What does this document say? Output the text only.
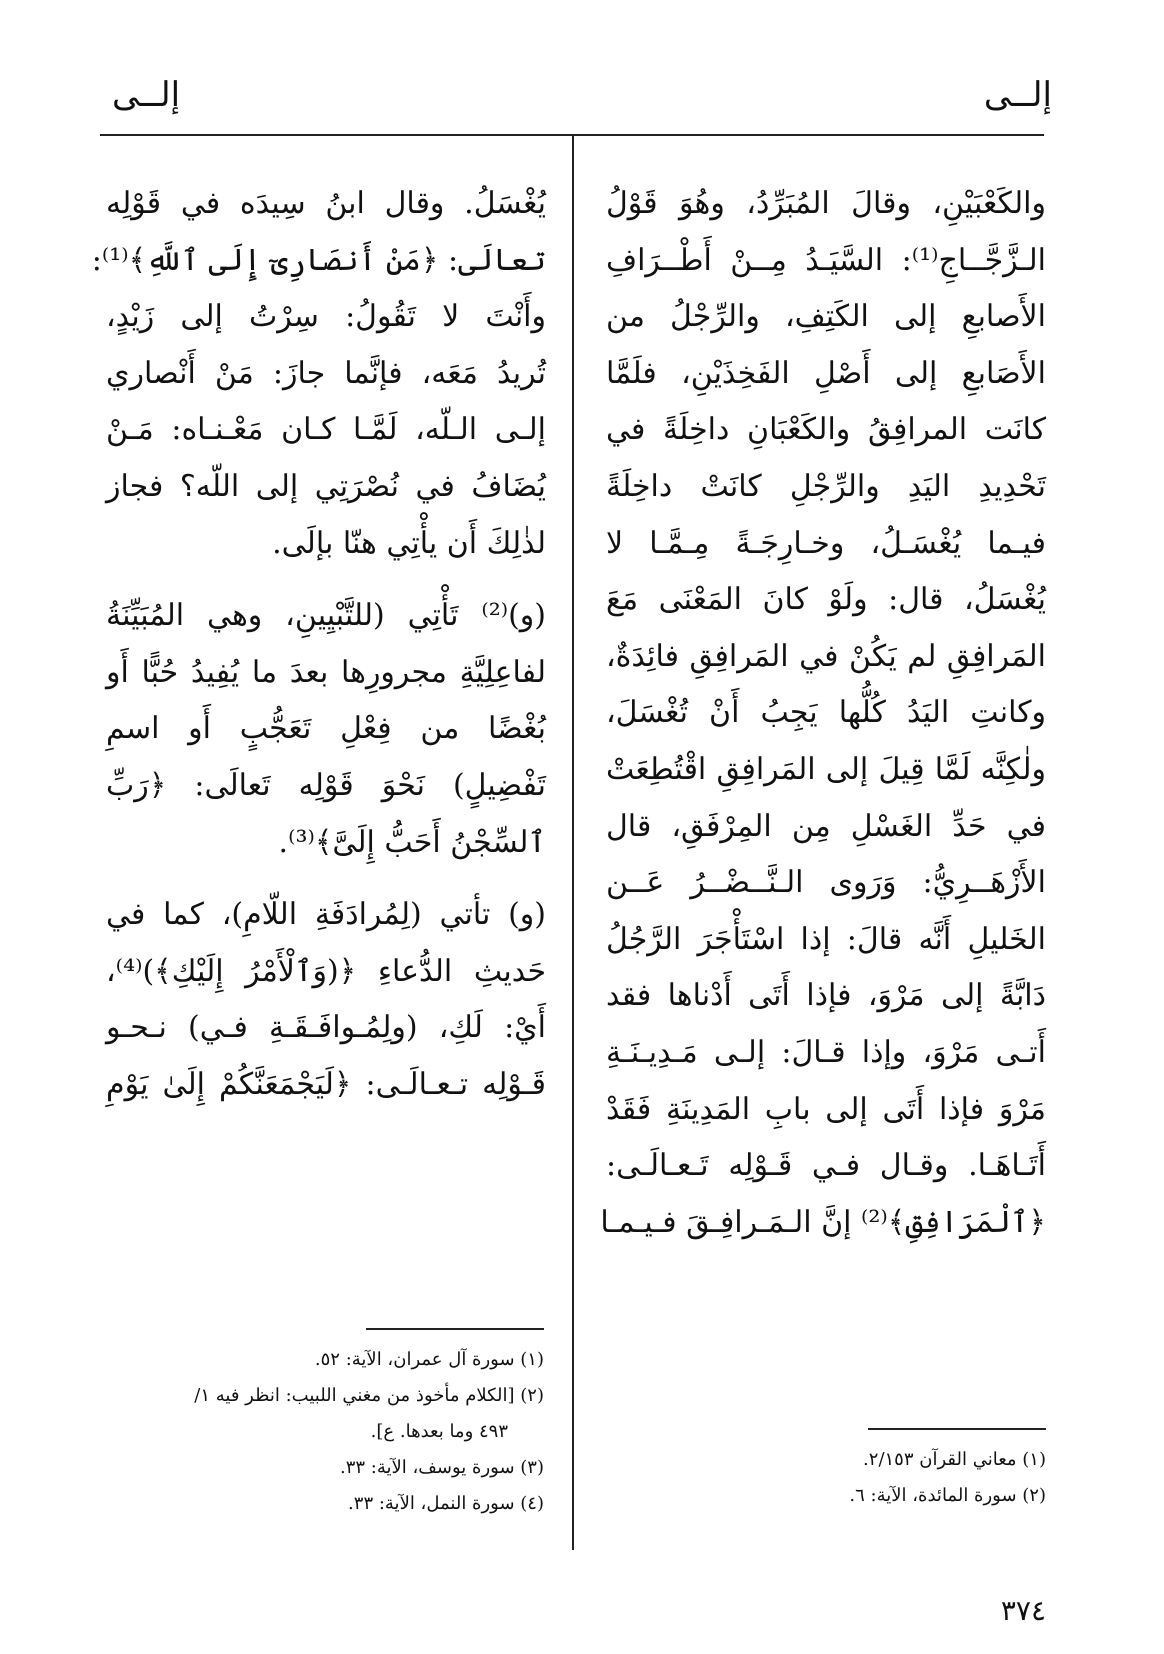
إلــى
إلــى
والكَعْبَيْنِ، وقالَ المُبَرِّدُ، وهُوَ قَوْلُ
الـزَّجَّــاجِ⁽¹⁾: السَّيَـدُ مِــنْ أَطْــرَافِ
الأَصابعِ إلى الكَتِفِ، والرِّجْلُ من
الأَصَابعِ إلى أَصْلِ الفَخِذَيْنِ، فلَمَّا
كانَت المرافِقُ والكَعْبَانِ داخِلَةً في
تَحْدِيدِ اليَدِ والرِّجْلِ كانَتْ داخِلَةً
فيـما يُغْسَـلُ، وخـارِجَـةً مِـمَّـا لا
يُغْسَلُ، قال: ولَوْ كانَ المَعْنَى مَعَ
المَرافِقِ لم يَكُنْ في المَرافِقِ فائِدَةٌ،
وكانتِ اليَدُ كُلُّها يَجِبُ أَنْ تُغْسَلَ،
ولٰكِنَّه لَمَّا قِيلَ إلى المَرافِقِ اقْتُطِعَتْ
في حَدِّ الغَسْلِ مِن المِرْفَقِ، قال
الأَزْهَــرِيُّ: وَرَوى الـنَّــضْــرُ عَــن
الخَليلِ أَنَّه قالَ: إذا اسْتَأْجَرَ الرَّجُلُ
دَابَّةً إلى مَرْوَ، فإذا أَتَى أَدْناها فقد
أَتـى مَرْوَ، وإذا قـالَ: إلـى مَـدِيـنَـةِ
مَرْوَ فإذا أَتَى إلى بابِ المَدِينَةِ فَقَدْ
أَتَـاهَـا. وقـال فـي قَـوْلِه تَـعـالَـى:
﴿ٱلْمَرَافِقِ﴾⁽²⁾ إنَّ الـمَـرافِـقَ فـيـمـا
يُغْسَلُ. وقال ابنُ سِيدَه في قَوْلِه
تعالَى: ﴿مَنْ أَنصَارِىٓ إِلَى ٱللَّهِ﴾⁽¹⁾:
وأَنْتَ لا تَقُولُ: سِرْتُ إلى زَيْدٍ،
تُريدُ مَعَه، فإنَّما جازَ: مَنْ أَنْصاري
إلـى الـلّه، لَمَّـا كـان مَعْـنـاه: مَـنْ
يُضَافُ في نُصْرَتِي إلى اللّه؟ فجاز
لذٰلِكَ أَن يأْتِي هنّا بإلَى.
(و)⁽²⁾ تَأْتِي (للتَّبْيِينِ، وهي المُبَيِّنَةُ
لفاعِلِيَّةِ مجرورِها بعدَ ما يُفِيدُ حُبًّا أَو
بُغْضًا من فِعْلِ تَعَجُّبٍ أَو اسمِ
تَفْضِيلٍ) نَحْوَ قَوْلِه تَعالَى: ﴿رَبِّ
ٱلسِّجْنُ أَحَبُّ إِلَىَّ﴾⁽³⁾.
(و) تأتي (لِمُرادَفَةِ اللّامِ)، كما في
حَديثِ الدُّعاءِ ﴿(وَٱلْأَمْرُ إِلَيْكِ﴾)⁽⁴⁾،
أَيْ: لَكِ، (ولِمُـوافَـقَـةِ فـي) نـحـو
قَـوْلِه تـعـالَـى: ﴿لَيَجْمَعَنَّكُمْ إِلَىٰ يَوْمِ
(١) معاني القرآن ٢/١٥٣.
(٢) سورة المائدة، الآية: ٦.
(١) سورة آل عمران، الآية: ٥٢.
(٢) [الكلام مأخوذ من مغني اللبيب: انظر فيه ١/
٤٩٣ وما بعدها. ع].
(٣) سورة يوسف، الآية: ٣٣.
(٤) سورة النمل، الآية: ٣٣.
٣٧٤
